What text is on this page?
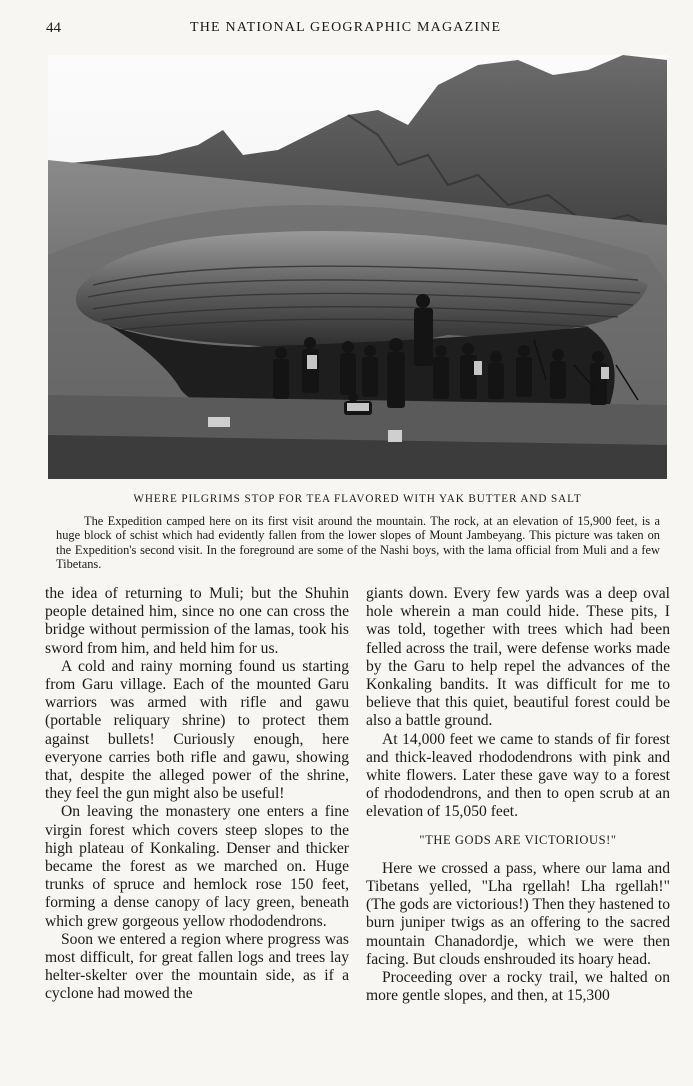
44	THE NATIONAL GEOGRAPHIC MAGAZINE
WHERE PILGRIMS STOP FOR TEA FLAVORED WITH YAK BUTTER AND SALT
The Expedition camped here on its first visit around the mountain. The rock, at an elevation of 15,900 feet, is a huge block of schist which had evidently fallen from the lower slopes of Mount Jambeyang. This picture was taken on the Expedition's second visit. In the foreground are some of the Nashi boys, with the lama official from Muli and a few Tibetans.

the idea of returning to Muli; but the Shuhin people detained him, since no one can cross the bridge without permission of the lamas, took his sword from him, and held him for us.

A cold and rainy morning found us starting from Garu village. Each of the mounted Garu warriors was armed with rifle and gawu (portable reliquary shrine) to protect them against bullets! Curiously enough, here everyone carries both rifle and gawu, showing that, despite the alleged power of the shrine, they feel the gun might also be useful!

On leaving the monastery one enters a fine virgin forest which covers steep slopes to the high plateau of Konkaling. Denser and thicker became the forest as we marched on. Huge trunks of spruce and hemlock rose 150 feet, forming a dense canopy of lacy green, beneath which grew gorgeous yellow rhododendrons.

Soon we entered a region where progress was most difficult, for great fallen logs and trees lay helter-skelter over the mountain side, as if a cyclone had mowed the

giants down. Every few yards was a deep oval hole wherein a man could hide. These pits, I was told, together with trees which had been felled across the trail, were defense works made by the Garu to help repel the advances of the Konkaling bandits. It was difficult for me to believe that this quiet, beautiful forest could be also a battle ground.

At 14,000 feet we came to stands of fir forest and thick-leaved rhododendrons with pink and white flowers. Later these gave way to a forest of rhododendrons, and then to open scrub at an elevation of 15,050 feet.

"THE GODS ARE VICTORIOUS!"

Here we crossed a pass, where our lama and Tibetans yelled, "Lha rgellah! Lha rgellah!" (The gods are victorious!) Then they hastened to burn juniper twigs as an offering to the sacred mountain Chanadordje, which we were then facing. But clouds enshrouded its hoary head.

Proceeding over a rocky trail, we halted on more gentle slopes, and then, at 15,300
